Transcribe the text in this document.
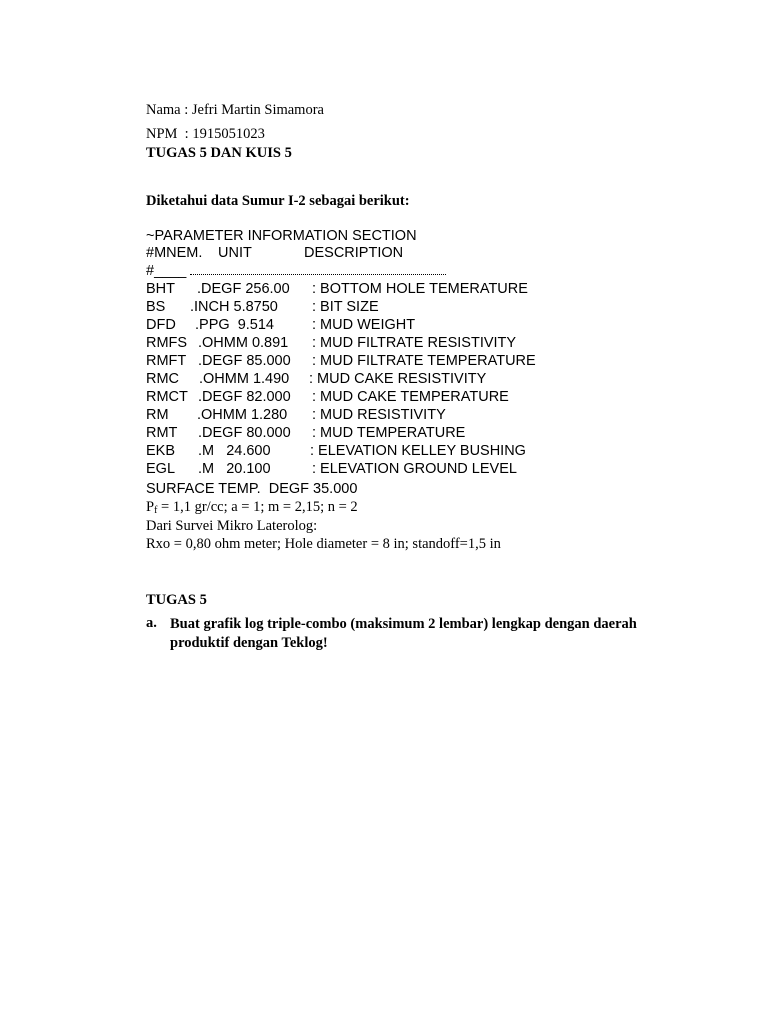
Nama : Jefri Martin Simamora
NPM  : 1915051023
TUGAS 5 DAN KUIS 5
Diketahui data Sumur I-2 sebagai berikut:
~PARAMETER INFORMATION SECTION
#MNEM. UNIT	DESCRIPTION
#____
BHT .DEGF 256.00 : BOTTOM HOLE TEMERATURE
BS .INCH 5.8750 : BIT SIZE
DFD .PPG  9.514	: MUD WEIGHT
RMFS .OHMM 0.891 : MUD FILTRATE RESISTIVITY
RMFT .DEGF 85.000 : MUD FILTRATE TEMPERATURE
RMC .OHMM 1.490 : MUD CAKE RESISTIVITY
RMCT .DEGF 82.000 : MUD CAKE TEMPERATURE
RM .OHMM 1.280 : MUD RESISTIVITY
RMT .DEGF 80.000 : MUD TEMPERATURE
EKB .M   24.600	: ELEVATION KELLEY BUSHING
EGL .M   20.100	: ELEVATION GROUND LEVEL
SURFACE TEMP.  DEGF 35.000
$P_f = 1,1$ gr/cc; a = 1; m = 2,15; n = 2
Dari Survei Mikro Laterolog:
Rxo = 0,80 ohm meter; Hole diameter = 8 in; standoff=1,5 in
TUGAS 5
a. Buat grafik log triple-combo (maksimum 2 lembar) lengkap dengan daerah produktif dengan Teklog!
